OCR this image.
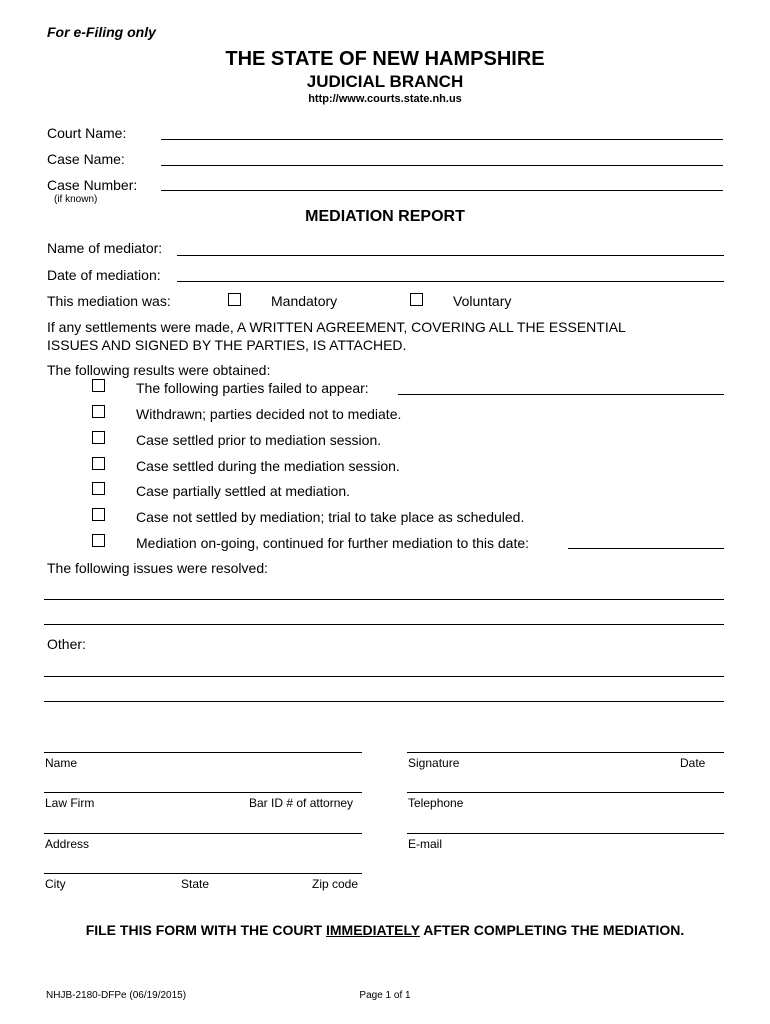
For e-Filing only
THE STATE OF NEW HAMPSHIRE
JUDICIAL BRANCH
http://www.courts.state.nh.us
Court Name:
Case Name:
Case Number:
(if known)
MEDIATION REPORT
Name of mediator:
Date of mediation:
This mediation was:	Mandatory	Voluntary
If any settlements were made, A WRITTEN AGREEMENT, COVERING ALL THE ESSENTIAL
ISSUES AND SIGNED BY THE PARTIES, IS ATTACHED.
The following results were obtained:
The following parties failed to appear:
Withdrawn; parties decided not to mediate.
Case settled prior to mediation session.
Case settled during the mediation session.
Case partially settled at mediation.
Case not settled by mediation; trial to take place as scheduled.
Mediation on-going, continued for further mediation to this date:
The following issues were resolved:
Other:
Name
Law Firm	Bar ID # of attorney
Address
City	State	Zip code
Signature	Date
Telephone
E-mail
FILE THIS FORM WITH THE COURT IMMEDIATELY AFTER COMPLETING THE MEDIATION.
NHJB-2180-DFPe (06/19/2015)	Page 1 of 1
